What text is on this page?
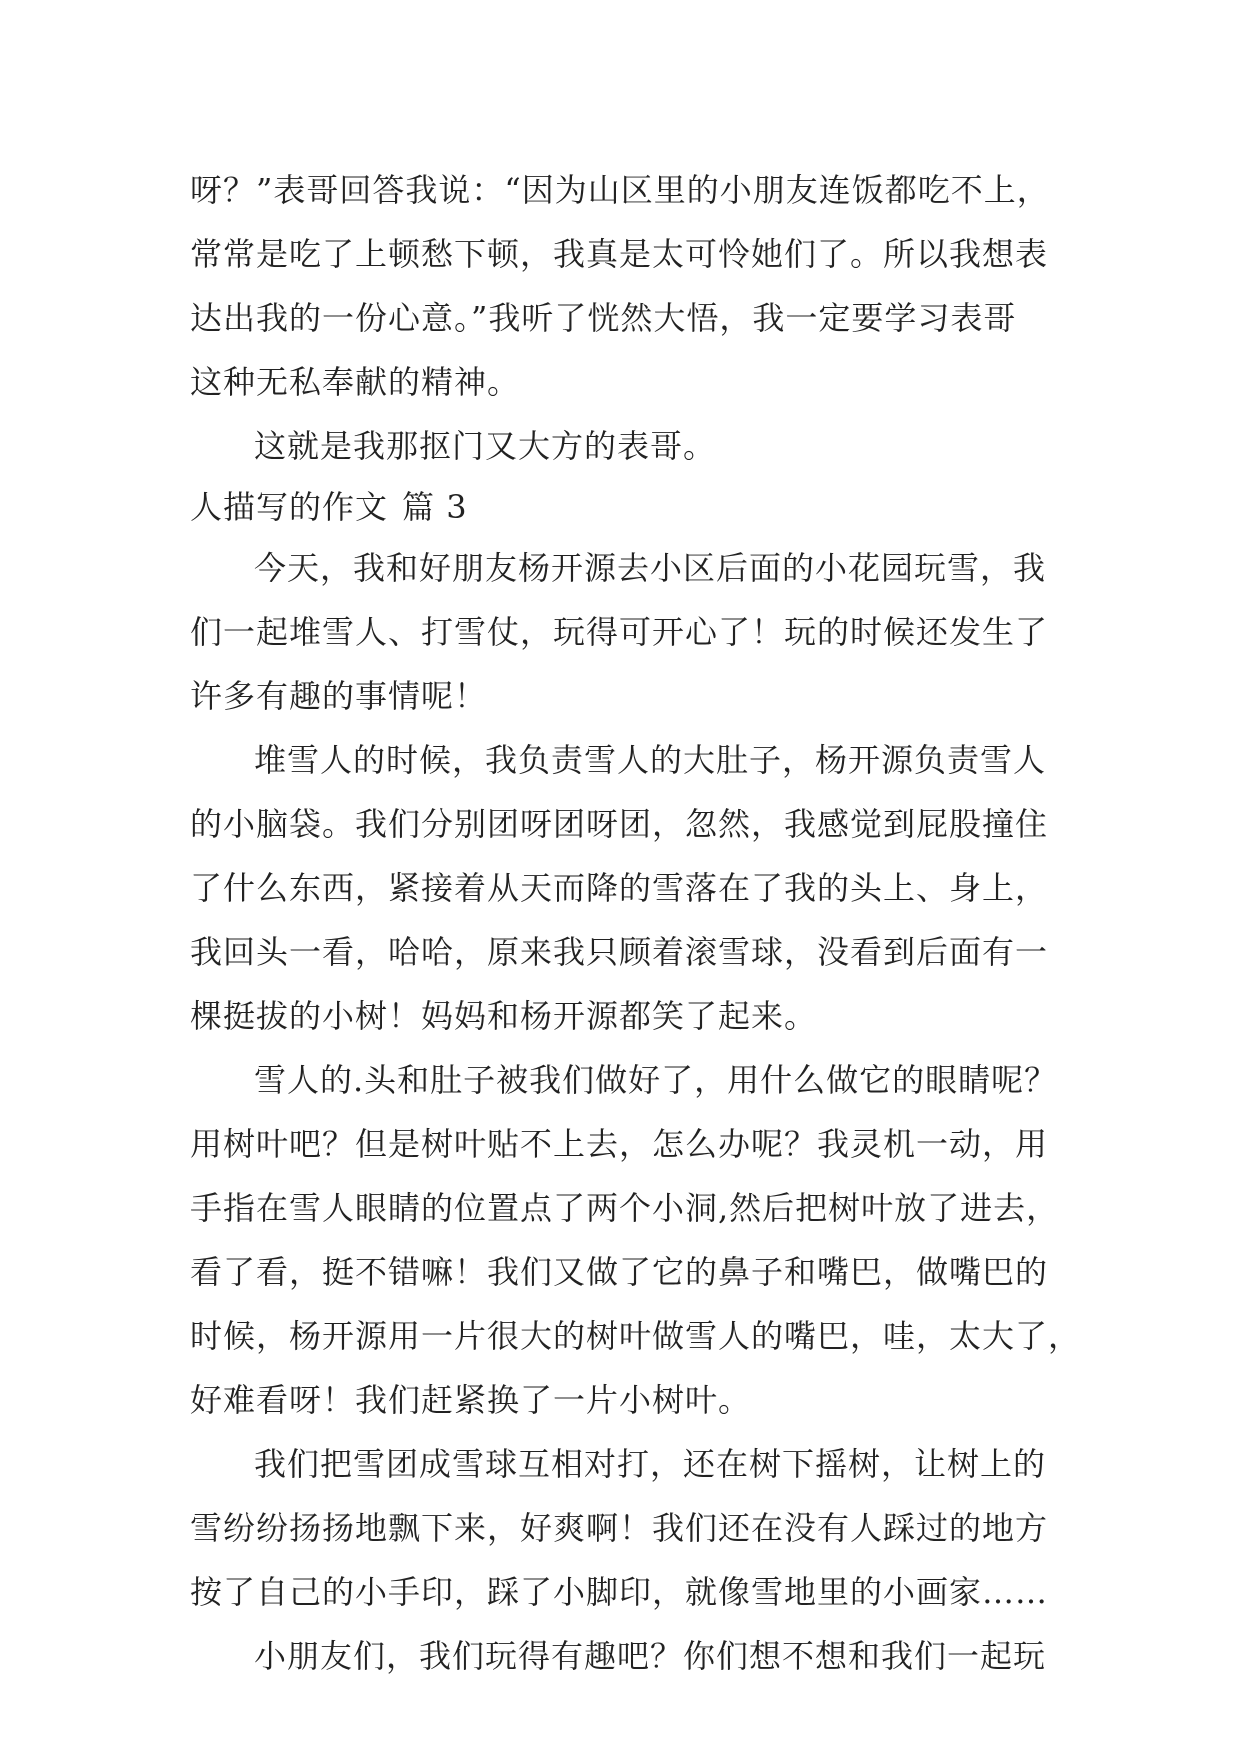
呀？”表哥回答我说：“因为山区里的小朋友连饭都吃不上，
常常是吃了上顿愁下顿，我真是太可怜她们了。所以我想表
达出我的一份心意。”我听了恍然大悟，我一定要学习表哥
这种无私奉献的精神。
这就是我那抠门又大方的表哥。
人描写的作文 篇 3
今天，我和好朋友杨开源去小区后面的小花园玩雪，我
们一起堆雪人、打雪仗，玩得可开心了！玩的时候还发生了
许多有趣的事情呢！
堆雪人的时候，我负责雪人的大肚子，杨开源负责雪人
的小脑袋。我们分别团呀团呀团，忽然，我感觉到屁股撞住
了什么东西，紧接着从天而降的雪落在了我的头上、身上，
我回头一看，哈哈，原来我只顾着滚雪球，没看到后面有一
棵挺拔的小树！妈妈和杨开源都笑了起来。
雪人的.头和肚子被我们做好了，用什么做它的眼睛呢？
用树叶吧？但是树叶贴不上去，怎么办呢？我灵机一动，用
手指在雪人眼睛的位置点了两个小洞,然后把树叶放了进去，
看了看，挺不错嘛！我们又做了它的鼻子和嘴巴，做嘴巴的
时候，杨开源用一片很大的树叶做雪人的嘴巴，哇，太大了，
好难看呀！我们赶紧换了一片小树叶。
我们把雪团成雪球互相对打，还在树下摇树，让树上的
雪纷纷扬扬地飘下来，好爽啊！我们还在没有人踩过的地方
按了自己的小手印，踩了小脚印，就像雪地里的小画家……
小朋友们，我们玩得有趣吧？你们想不想和我们一起玩
